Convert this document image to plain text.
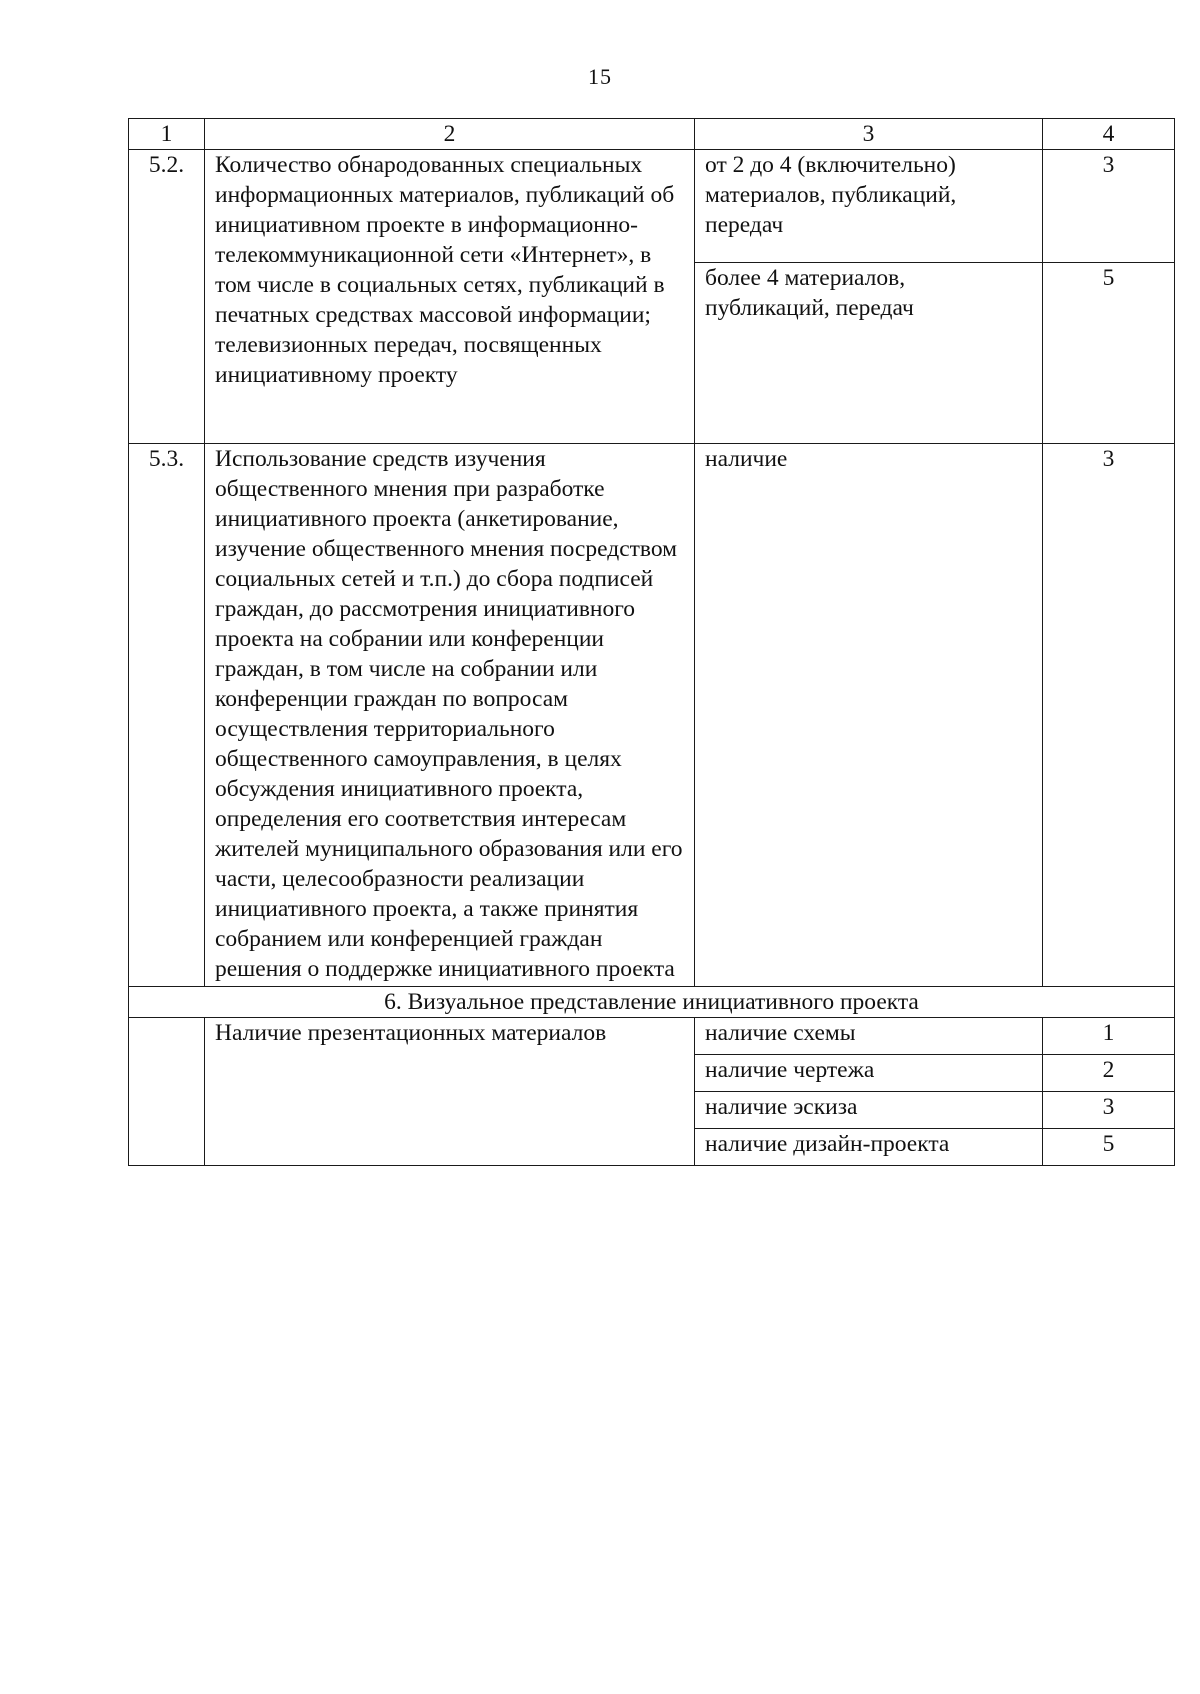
15
1	2	3	4
5.2.	Количество обнародованных специальных информационных материалов, публикаций об инициативном проекте в информационно-телекоммуникационной сети «Интернет», в том числе в социальных сетях, публикаций в печатных средствах массовой информации; телевизионных передач, посвященных инициативному проекту	от 2 до 4 (включительно) материалов, публикаций, передач	3
		более 4 материалов, публикаций, передач	5
5.3.	Использование средств изучения общественного мнения при разработке инициативного проекта (анкетирование, изучение общественного мнения посредством социальных сетей и т.п.) до сбора подписей граждан, до рассмотрения инициативного проекта на собрании или конференции граждан, в том числе на собрании или конференции граждан по вопросам осуществления территориального общественного самоуправления, в целях обсуждения инициативного проекта, определения его соответствия интересам жителей муниципального образования или его части, целесообразности реализации инициативного проекта, а также принятия собранием или конференцией граждан решения о поддержке инициативного проекта	наличие	3
6. Визуальное представление инициативного проекта			
	Наличие презентационных материалов	наличие схемы	1
		наличие чертежа	2
		наличие эскиза	3
		наличие дизайн-проекта	5
